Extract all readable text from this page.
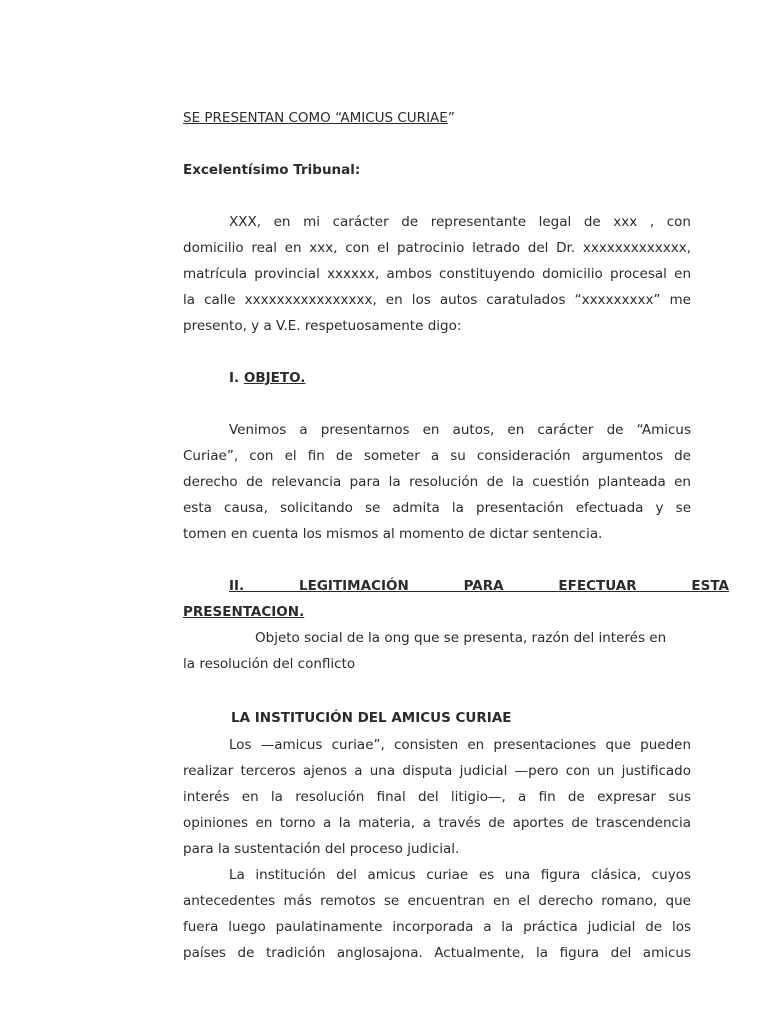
SE PRESENTAN COMO “AMICUS CURIAE”
Excelentísimo Tribunal:
XXX, en mi carácter de representante legal de xxx , con
domicilio real en xxx, con el patrocinio letrado del Dr. xxxxxxxxxxxxx,
matrícula provincial xxxxxx, ambos constituyendo domicilio procesal en
la calle xxxxxxxxxxxxxxxx, en los autos caratulados “xxxxxxxxx” me
presento, y a V.E. respetuosamente digo:
I. OBJETO.
Venimos a presentarnos en autos, en carácter de “Amicus
Curiae”, con el fin de someter a su consideración argumentos de
derecho de relevancia para la resolución de la cuestión planteada en
esta causa, solicitando se admita la presentación efectuada y se
tomen en cuenta los mismos al momento de dictar sentencia.
II. LEGITIMACIÓN PARA EFECTUAR ESTA
PRESENTACION.
Objeto social de la ong que se presenta, razón del interés en
la resolución del conflicto
LA INSTITUCIÓN DEL AMICUS CURIAE
Los —amicus curiae”, consisten en presentaciones que pueden
realizar terceros ajenos a una disputa judicial —pero con un justificado
interés en la resolución final del litigio—, a fin de expresar sus
opiniones en torno a la materia, a través de aportes de trascendencia
para la sustentación del proceso judicial.
La institución del amicus curiae es una figura clásica, cuyos
antecedentes más remotos se encuentran en el derecho romano, que
fuera luego paulatinamente incorporada a la práctica judicial de los
países de tradición anglosajona. Actualmente, la figura del amicus
